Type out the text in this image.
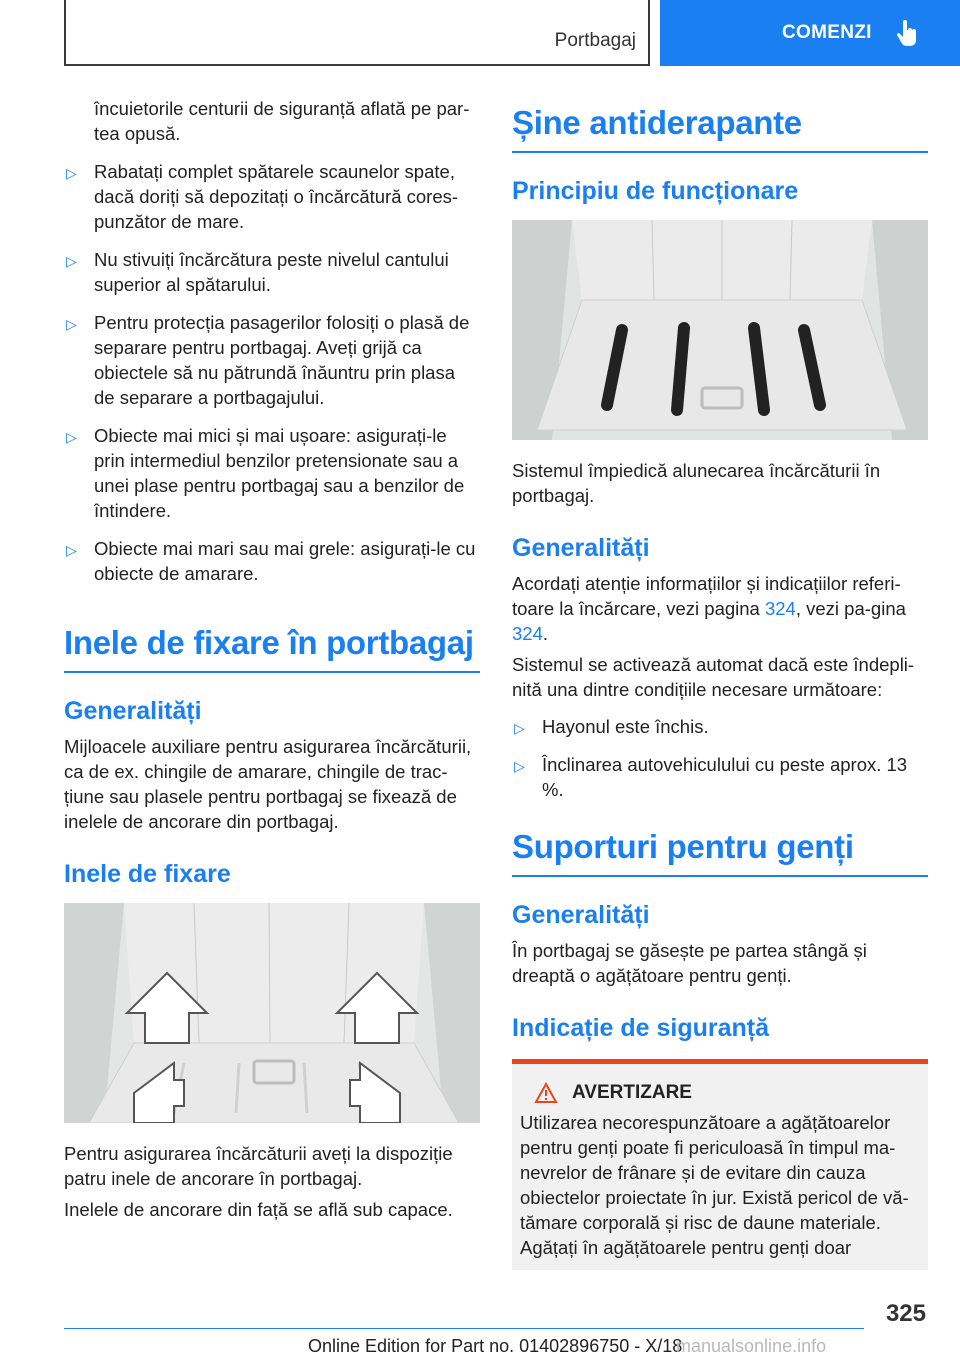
Portbagaj	COMENZI

încuietorile centurii de siguranță aflată pe par-tea opusă.

▷ Rabatați complet spătarele scaunelor spate, dacă doriți să depozitați o încărcătură cores-punzător de mare.
▷ Nu stivuiți încărcătura peste nivelul cantului superior al spătarului.
▷ Pentru protecția pasagerilor folosiți o plasă de separare pentru portbagaj. Aveți grijă ca obiectele să nu pătrundă înăuntru prin plasa de separare a portbagajului.
▷ Obiecte mai mici și mai ușoare: asigurați-le prin intermediul benzilor pretensionate sau a unei plase pentru portbagaj sau a benzilor de întindere.
▷ Obiecte mai mari sau mai grele: asigurați-le cu obiecte de amarare.
Inele de fixare în portbagaj
Generalități

Mijloacele auxiliare pentru asigurarea încărcăturii, ca de ex. chingile de amarare, chingile de trac-țiune sau plasele pentru portbagaj se fixează de inelele de ancorare din portbagaj.

Inele de fixare

Pentru asigurarea încărcăturii aveți la dispoziție patru inele de ancorare în portbagaj.

Inelele de ancorare din față se află sub capace.

Șine antiderapante
Principiu de funcționare

Sistemul împiedică alunecarea încărcăturii în portbagaj.

Generalități

Acordați atenție informațiilor și indicațiilor referi-toare la încărcare, vezi pagina 324, vezi pa-gina 324.

Sistemul se activează automat dacă este îndepli-nită una dintre condițiile necesare următoare:

▷ Hayonul este închis.
▷ Înclinarea autovehiculului cu peste aprox. 13 %.
Suporturi pentru genți
Generalități

În portbagaj se găsește pe partea stângă și dreaptă o agățătoare pentru genți.

Indicație de siguranță
AVERTIZARE

Utilizarea necorespunzătoare a agățătoarelor pentru genți poate fi periculoasă în timpul ma-nevrelor de frânare și de evitare din cauza obiectelor proiectate în jur. Există pericol de vă-tămare corporală și risc de daune materiale. Agățați în agățătoarele pentru genți doar

325
Online Edition for Part no. 01402896750 - X/18
manualsonline.info
